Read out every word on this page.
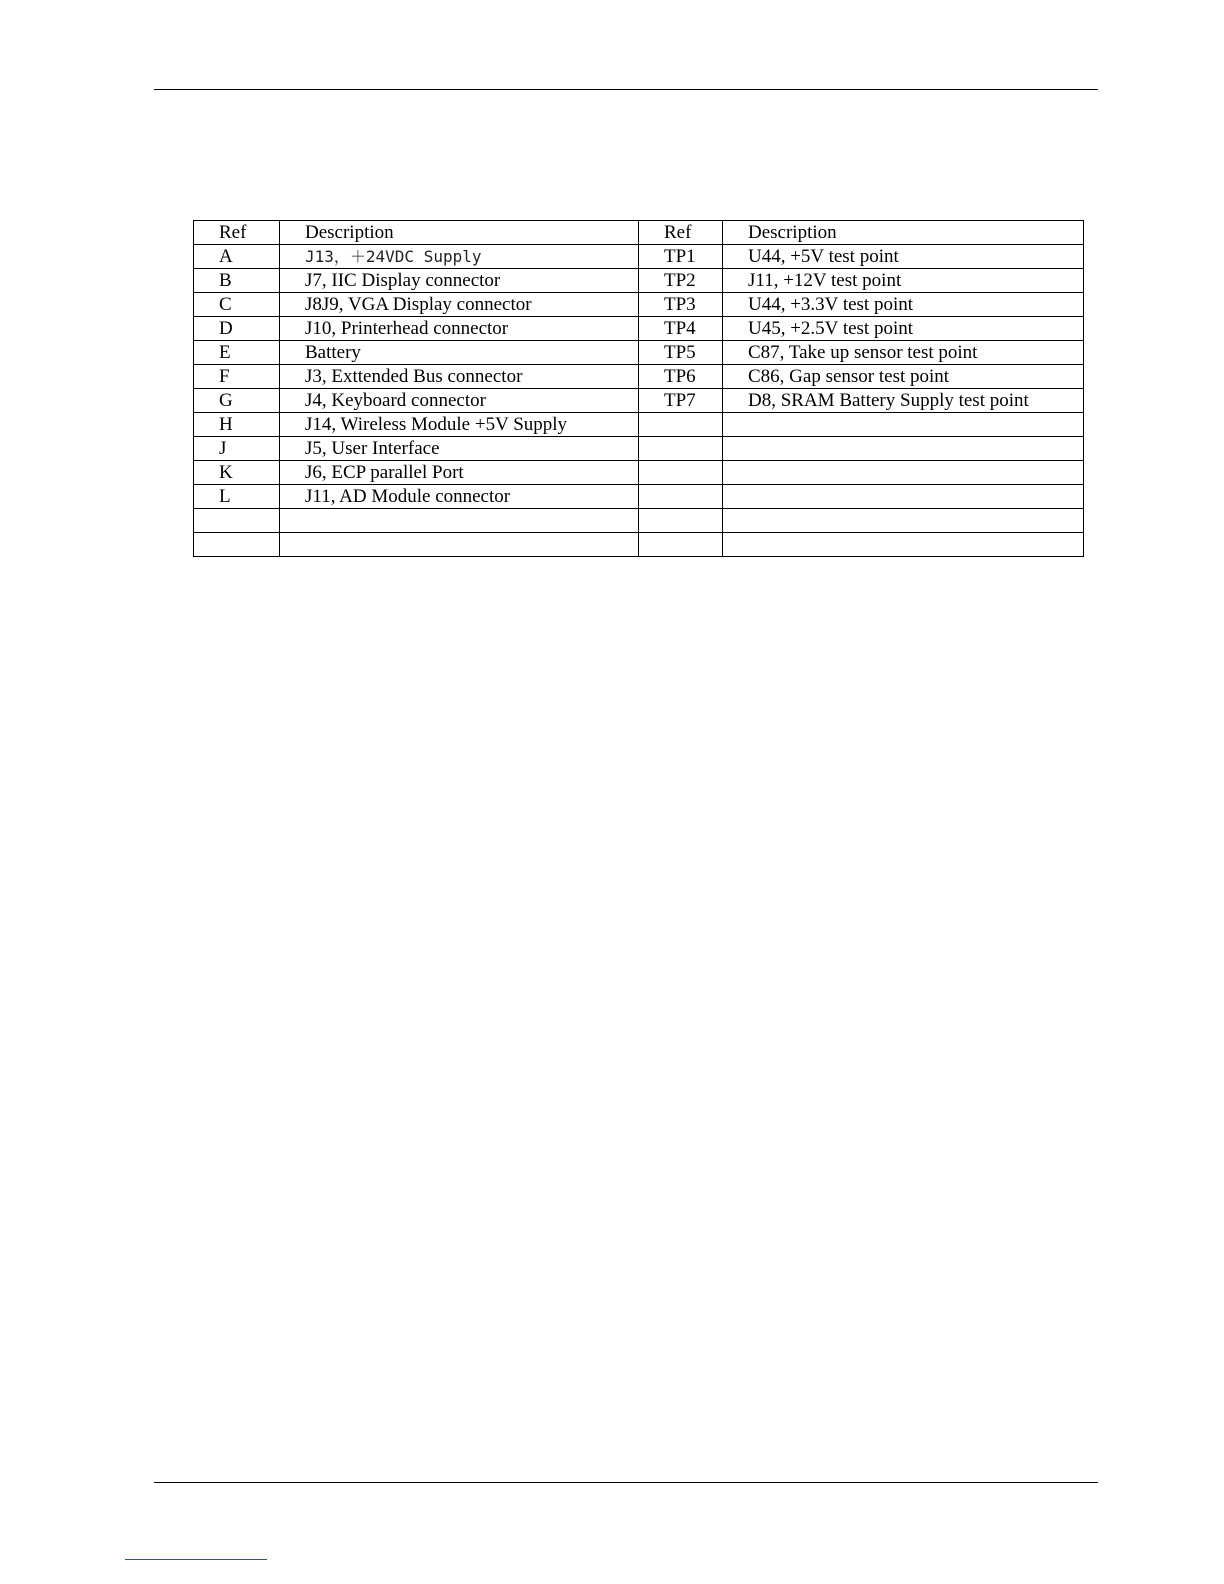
Ref	Description	Ref	Description
A	J13，＋24VDC Supply	TP1	U44, +5V test point
B	J7, IIC Display connector	TP2	J11, +12V test point
C	J8J9, VGA Display connector	TP3	U44, +3.3V test point
D	J10, Printerhead connector	TP4	U45, +2.5V test point
E	Battery	TP5	C87, Take up sensor test point
F	J3, Exttended Bus connector	TP6	C86, Gap sensor test point
G	J4, Keyboard connector	TP7	D8, SRAM Battery Supply test point
H	J14, Wireless Module +5V Supply		
J	J5, User Interface		
K	J6, ECP parallel Port		
L	J11, AD Module connector		
